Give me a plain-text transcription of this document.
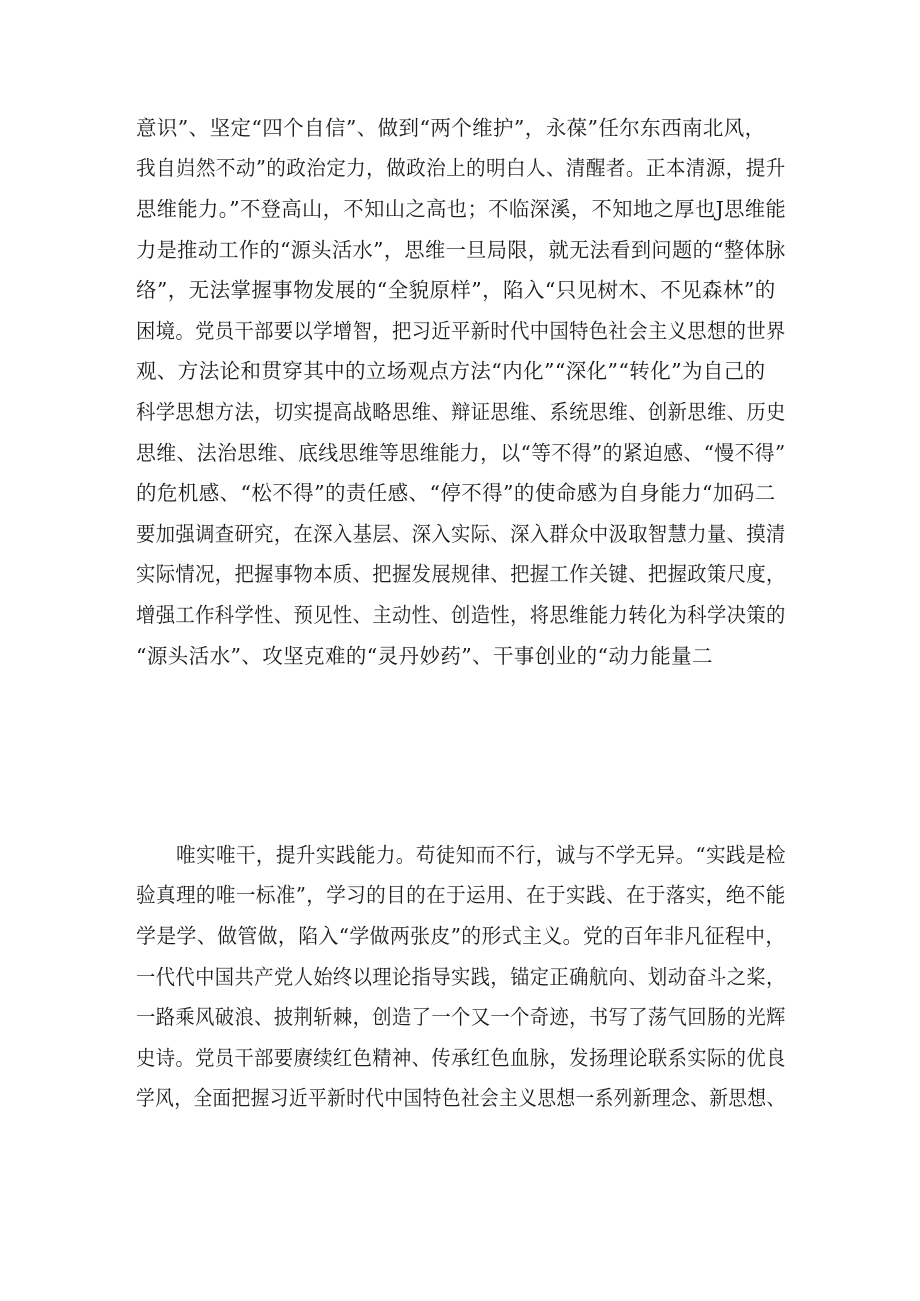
意识”、坚定“四个自信”、做到“两个维护”，永葆”任尔东西南北风，
我自岿然不动”的政治定力，做政治上的明白人、清醒者。正本清源，提升
思维能力。”不登高山，不知山之高也；不临深溪，不知地之厚也J思维能
力是推动工作的“源头活水”，思维一旦局限，就无法看到问题的“整体脉
络”，无法掌握事物发展的“全貌原样”，陷入“只见树木、不见森林”的
困境。党员干部要以学增智，把习近平新时代中国特色社会主义思想的世界
观、方法论和贯穿其中的立场观点方法“内化”“深化”“转化”为自己的
科学思想方法，切实提高战略思维、辩证思维、系统思维、创新思维、历史
思维、法治思维、底线思维等思维能力，以“等不得”的紧迫感、“慢不得”
的危机感、“松不得”的责任感、“停不得”的使命感为自身能力“加码二
要加强调查研究，在深入基层、深入实际、深入群众中汲取智慧力量、摸清
实际情况，把握事物本质、把握发展规律、把握工作关键、把握政策尺度，
增强工作科学性、预见性、主动性、创造性，将思维能力转化为科学决策的
“源头活水”、攻坚克难的“灵丹妙药”、干事创业的“动力能量二
唯实唯干，提升实践能力。苟徒知而不行，诚与不学无异。“实践是检
验真理的唯一标准”，学习的目的在于运用、在于实践、在于落实，绝不能
学是学、做管做，陷入“学做两张皮”的形式主义。党的百年非凡征程中，
一代代中国共产党人始终以理论指导实践，锚定正确航向、划动奋斗之桨，
一路乘风破浪、披荆斩棘，创造了一个又一个奇迹，书写了荡气回肠的光辉
史诗。党员干部要赓续红色精神、传承红色血脉，发扬理论联系实际的优良
学风，全面把握习近平新时代中国特色社会主义思想一系列新理念、新思想、
